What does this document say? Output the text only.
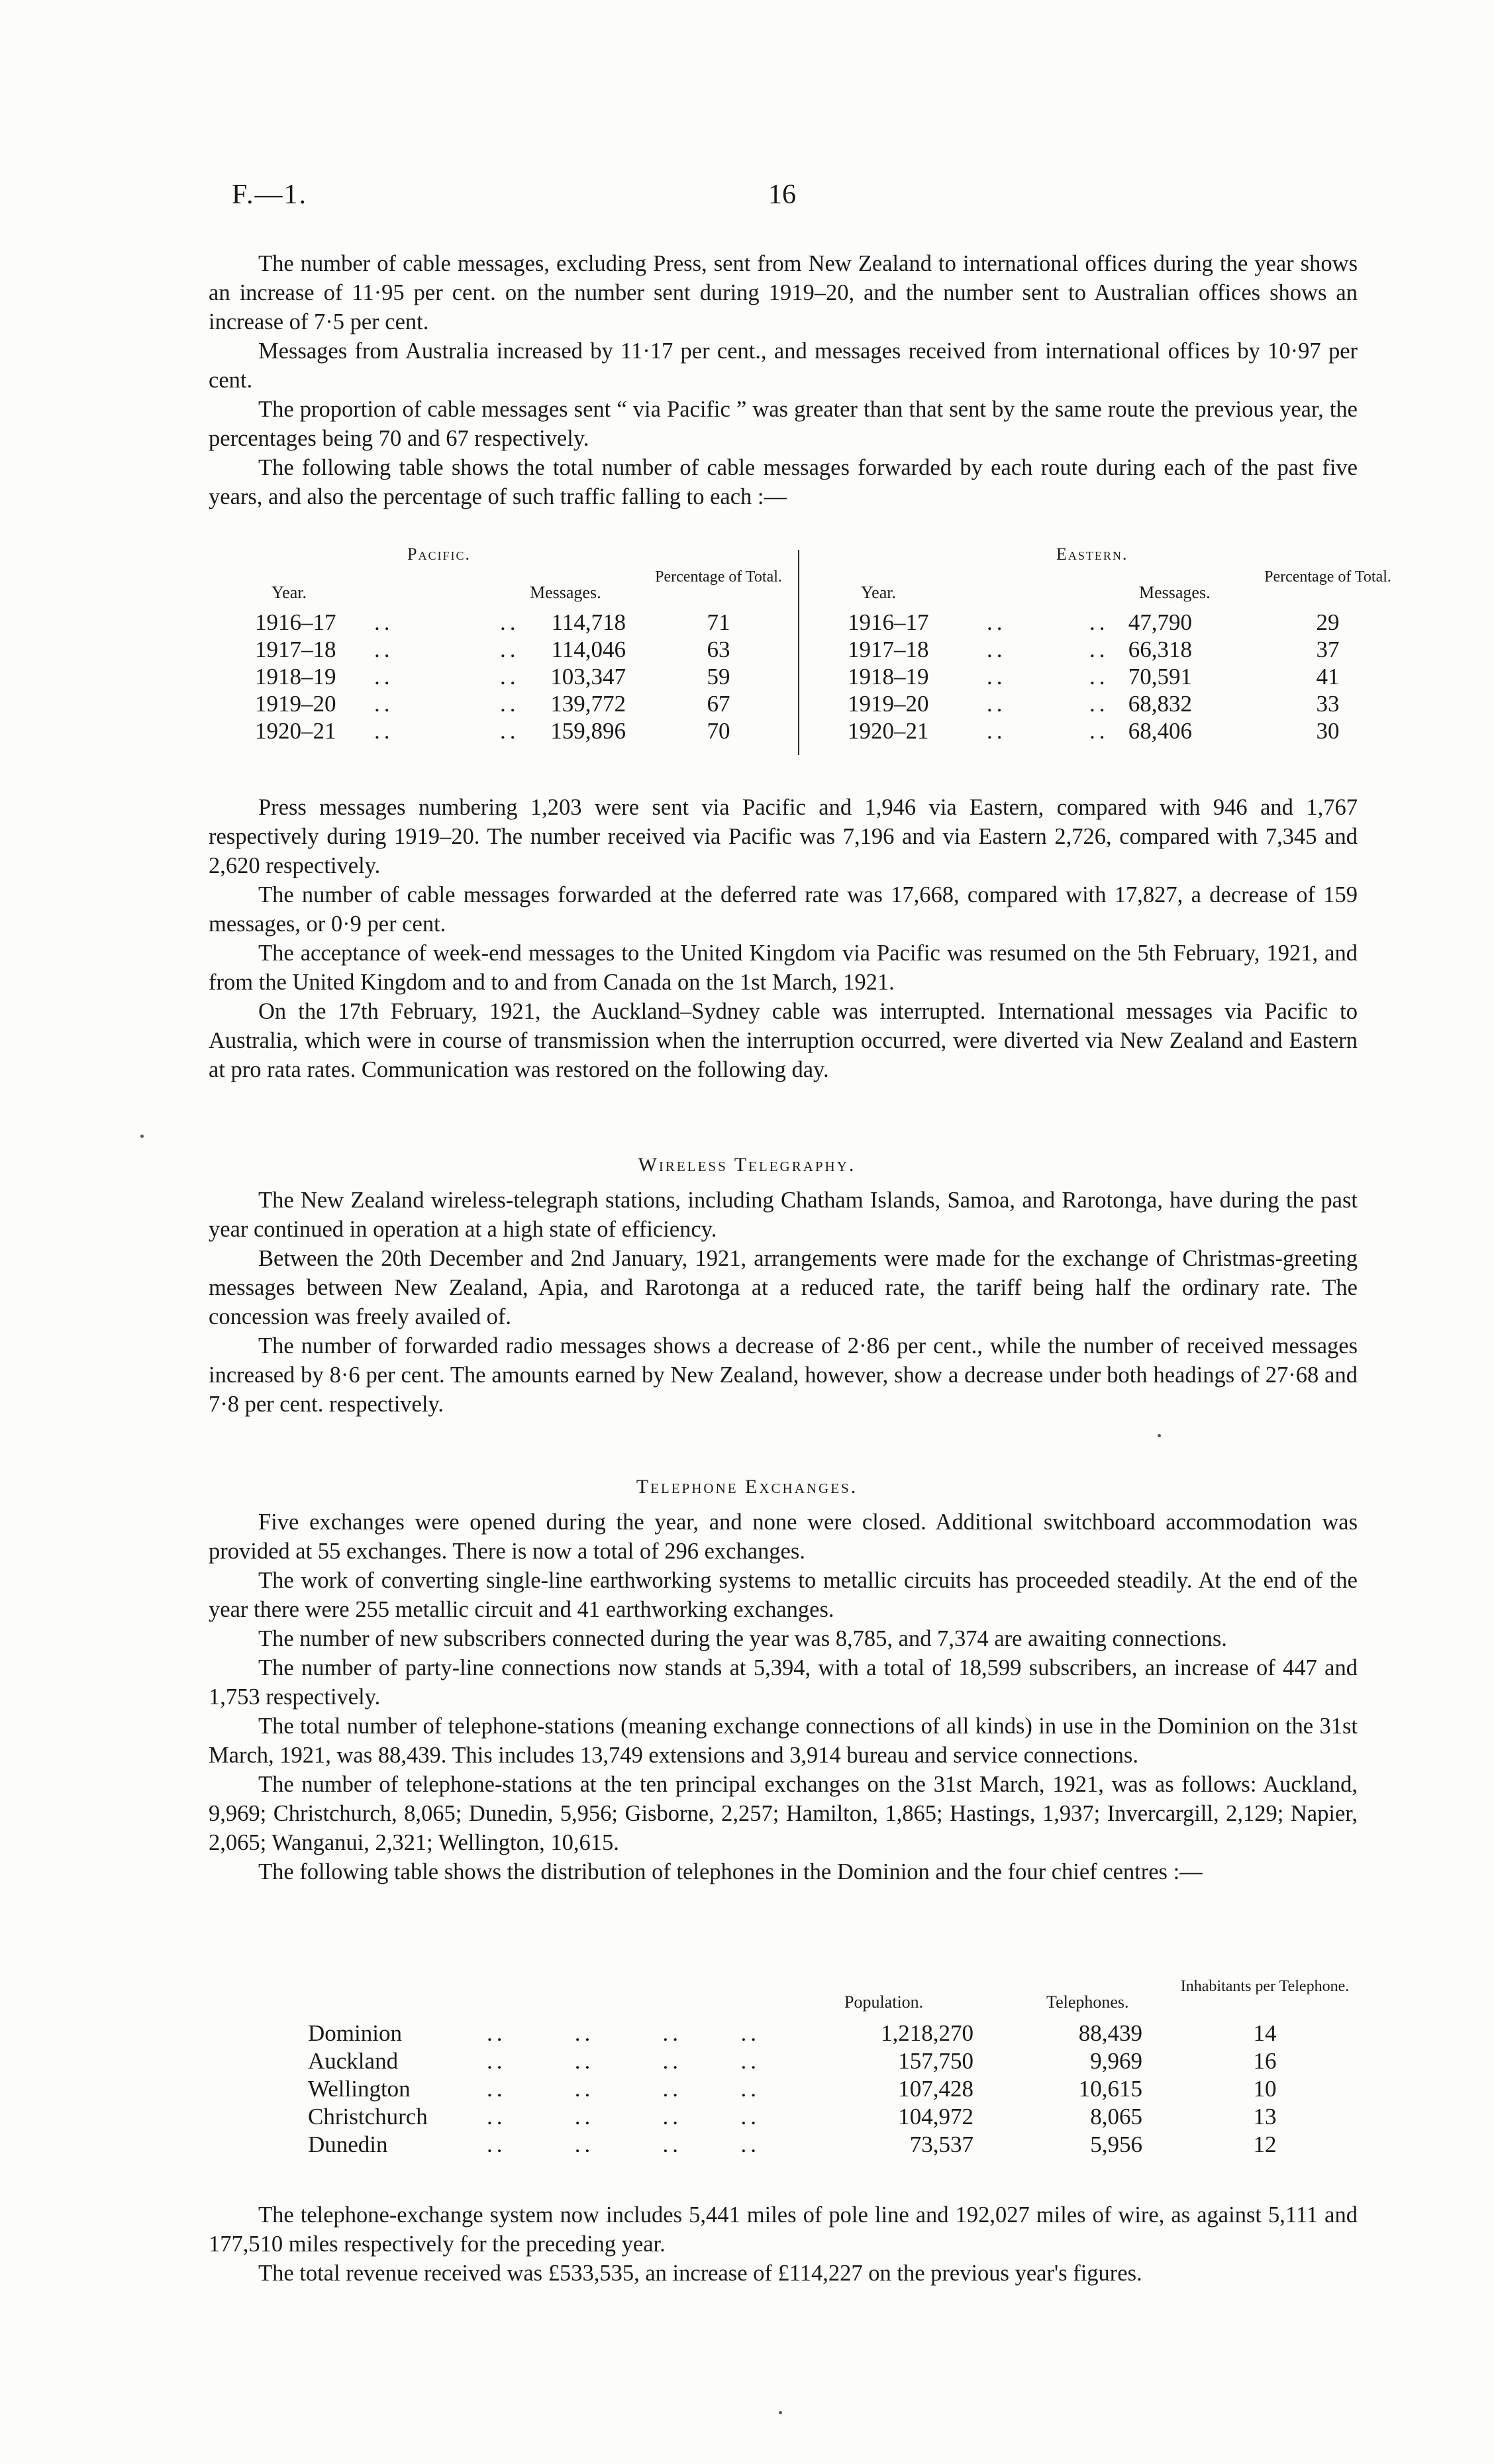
F.—1.	16

The number of cable messages, excluding Press, sent from New Zealand to international offices during the year shows an increase of 11·95 per cent. on the number sent during 1919–20, and the number sent to Australian offices shows an increase of 7·5 per cent.

Messages from Australia increased by 11·17 per cent., and messages received from international offices by 10·97 per cent.

The proportion of cable messages sent “ via Pacific ” was greater than that sent by the same route the previous year, the percentages being 70 and 67 respectively.

The following table shows the total number of cable messages forwarded by each route during each of the past five years, and also the percentage of such traffic falling to each :—

Pacific.	Eastern.
Year.	Messages.
Percentage of Total.
Year.	Messages.
Percentage of Total.
1916–17 ..	..	114,718	71
1917–18 ..	..	114,046	63
1918–19 ..	..	103,347	59
1919–20 ..	..	139,772	67
1920–21 ..	..	159,896	70
1916–17	..	.. 47,790	29
1917–18	..	.. 66,318	37
1918–19	..	.. 70,591	41
1919–20	..	.. 68,832	33
1920–21	..	.. 68,406	30

Press messages numbering 1,203 were sent via Pacific and 1,946 via Eastern, compared with 946 and 1,767 respectively during 1919–20. The number received via Pacific was 7,196 and via Eastern 2,726, compared with 7,345 and 2,620 respectively.

The number of cable messages forwarded at the deferred rate was 17,668, compared with 17,827, a decrease of 159 messages, or 0·9 per cent.

The acceptance of week-end messages to the United Kingdom via Pacific was resumed on the 5th February, 1921, and from the United Kingdom and to and from Canada on the 1st March, 1921.

On the 17th February, 1921, the Auckland–Sydney cable was interrupted. International messages via Pacific to Australia, which were in course of transmission when the interruption occurred, were diverted via New Zealand and Eastern at pro rata rates. Communication was restored on the following day.

Wireless Telegraphy.

The New Zealand wireless-telegraph stations, including Chatham Islands, Samoa, and Rarotonga, have during the past year continued in operation at a high state of efficiency.

Between the 20th December and 2nd January, 1921, arrangements were made for the exchange of Christmas-greeting messages between New Zealand, Apia, and Rarotonga at a reduced rate, the tariff being half the ordinary rate. The concession was freely availed of.

The number of forwarded radio messages shows a decrease of 2·86 per cent., while the number of received messages increased by 8·6 per cent. The amounts earned by New Zealand, however, show a decrease under both headings of 27·68 and 7·8 per cent. respectively.

Telephone Exchanges.

Five exchanges were opened during the year, and none were closed. Additional switchboard accommodation was provided at 55 exchanges. There is now a total of 296 exchanges.

The work of converting single-line earthworking systems to metallic circuits has proceeded steadily. At the end of the year there were 255 metallic circuit and 41 earthworking exchanges.

The number of new subscribers connected during the year was 8,785, and 7,374 are awaiting connections.

The number of party-line connections now stands at 5,394, with a total of 18,599 subscribers, an increase of 447 and 1,753 respectively.

The total number of telephone-stations (meaning exchange connections of all kinds) in use in the Dominion on the 31st March, 1921, was 88,439. This includes 13,749 extensions and 3,914 bureau and service connections.

The number of telephone-stations at the ten principal exchanges on the 31st March, 1921, was as follows: Auckland, 9,969; Christchurch, 8,065; Dunedin, 5,956; Gisborne, 2,257; Hamilton, 1,865; Hastings, 1,937; Invercargill, 2,129; Napier, 2,065; Wanganui, 2,321; Wellington, 10,615.

The following table shows the distribution of telephones in the Dominion and the four chief centres :—

Population.	Telephones.
Inhabitants per Telephone.
Dominion	..       ..       ..      ..	1,218,270	88,439	14
Auckland	..       ..       ..      ..	157,750	9,969	16
Wellington	..       ..       ..      ..	107,428	10,615	10
Christchurch	..       ..       ..      ..	104,972	8,065	13
Dunedin	..       ..       ..      ..	73,537	5,956	12

The telephone-exchange system now includes 5,441 miles of pole line and 192,027 miles of wire, as against 5,111 and 177,510 miles respectively for the preceding year.

The total revenue received was £533,535, an increase of £114,227 on the previous year's figures.
